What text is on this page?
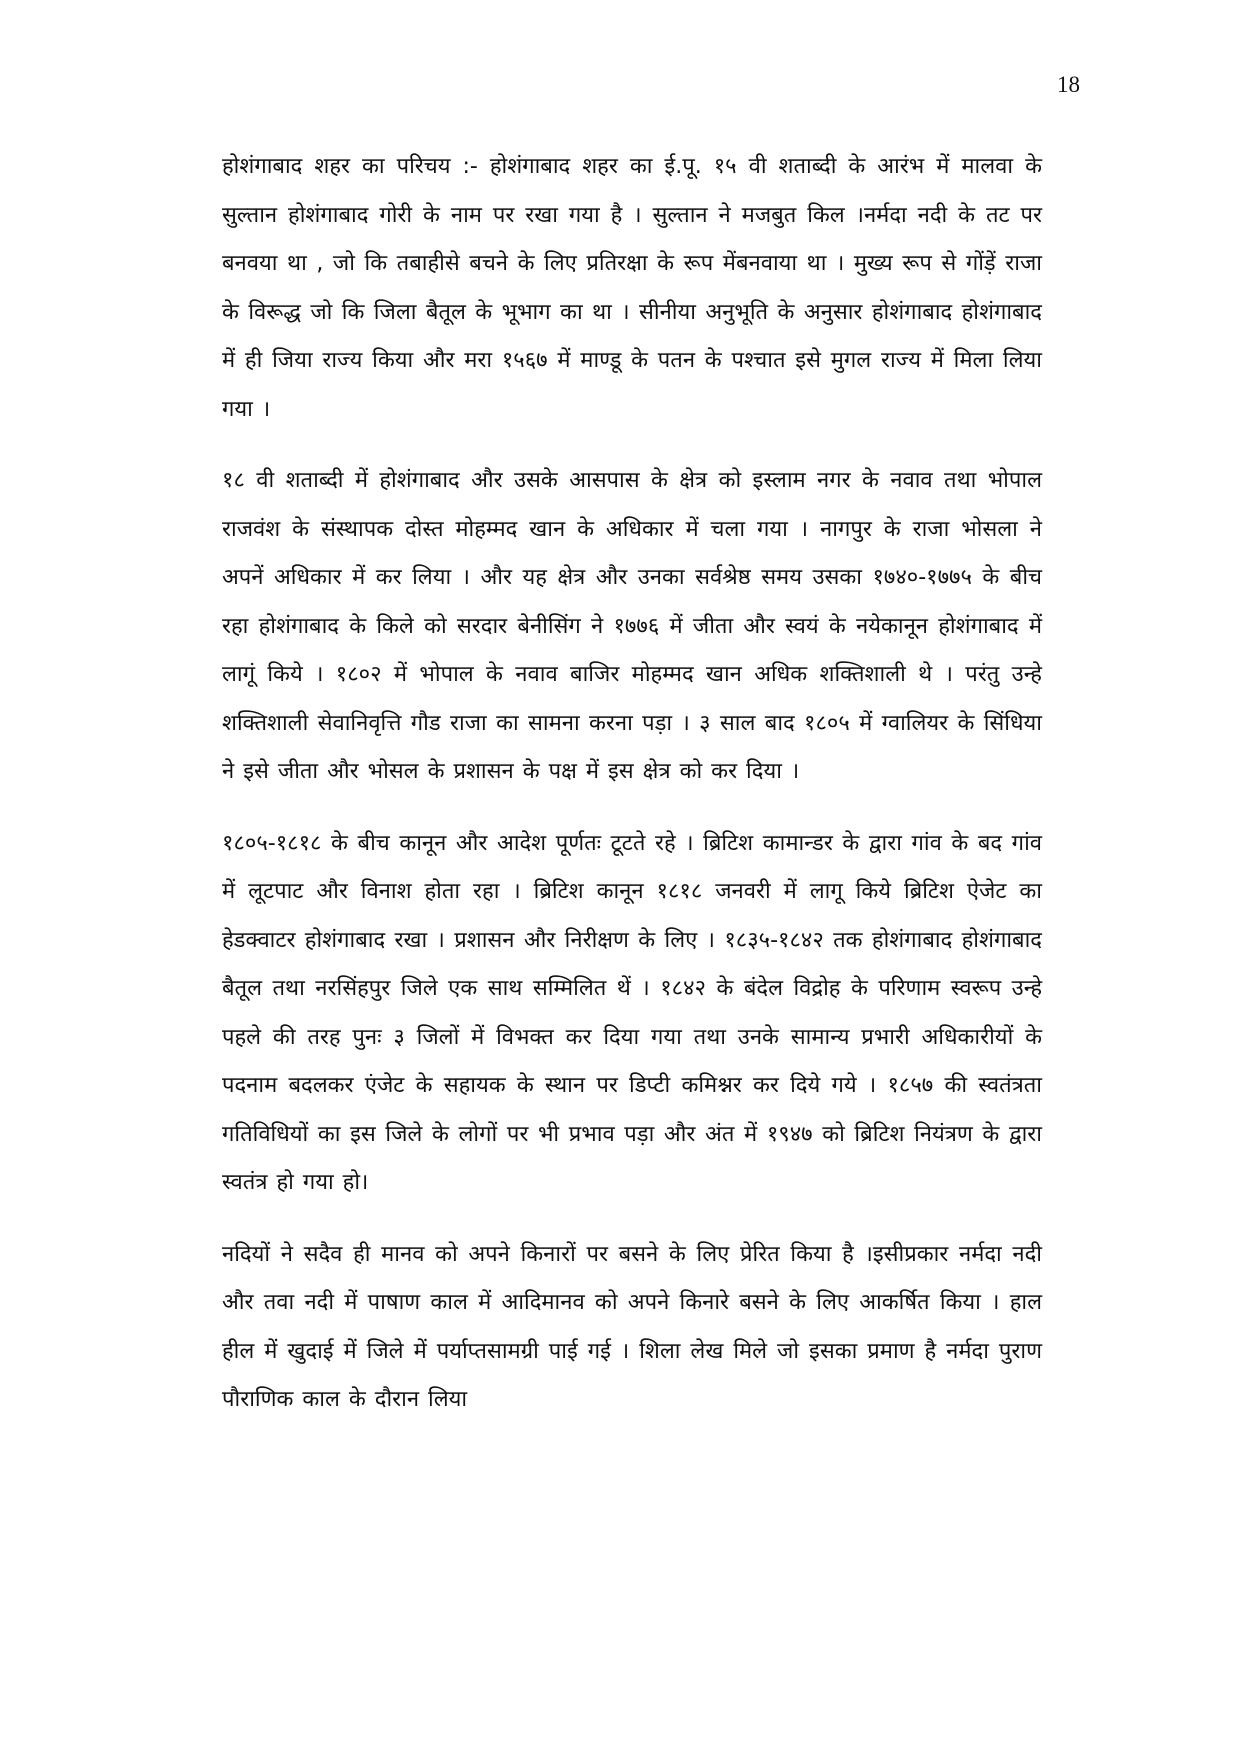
18

होशंगाबाद शहर का परिचय :- होशंगाबाद शहर का ई.पू. १५ वी शताब्दी के आरंभ में मालवा के सुल्तान होशंगाबाद गोरी के नाम पर रखा गया है । सुल्तान ने मजबुत किल ।नर्मदा नदी के तट पर बनवया था , जो कि तबाहीसे बचने के लिए प्रतिरक्षा के रूप मेंबनवाया था । मुख्य रूप से गोंड़ें राजा के विरूद्ध जो कि जिला बैतूल के भूभाग का था । सीनीया अनुभूति के अनुसार होशंगाबाद होशंगाबाद में ही जिया राज्य किया और मरा १५६७ में माण्डू के पतन के पश्चात इसे मुगल राज्य में मिला लिया गया ।

१८ वी शताब्दी में होशंगाबाद और उसके आसपास के क्षेत्र को इस्लाम नगर के नवाव तथा भोपाल राजवंश के संस्थापक दोस्त मोहम्मद खान के अधिकार में चला गया । नागपुर के राजा भोसला ने अपनें अधिकार में कर लिया । और यह क्षेत्र और उनका सर्वश्रेष्ठ समय उसका १७४०-१७७५ के बीच रहा होशंगाबाद के किले को सरदार बेनीसिंग ने १७७६ में जीता और स्वयं के नयेकानून होशंगाबाद में लागूं किये । १८०२ में भोपाल के नवाव बाजिर मोहम्मद खान अधिक शक्तिशाली थे । परंतु उन्हे शक्तिशाली सेवानिवृत्ति गौड राजा का सामना करना पड़ा । ३ साल बाद १८०५ में ग्वालियर के सिंधिया ने इसे जीता और भोसल के प्रशासन के पक्ष में इस क्षेत्र को कर दिया ।

१८०५-१८१८ के बीच कानून और आदेश पूर्णतः टूटते रहे । ब्रिटिश कामान्डर के द्वारा गांव के बद गांव में लूटपाट और विनाश होता रहा । ब्रिटिश कानून १८१८ जनवरी में लागू किये ब्रिटिश ऐजेट का हेडक्वाटर होशंगाबाद रखा । प्रशासन और निरीक्षण के लिए । १८३५-१८४२ तक होशंगाबाद होशंगाबाद बैतूल तथा नरसिंहपुर जिले एक साथ सम्मिलित थें । १८४२ के बंदेल विद्रोह के परिणाम स्वरूप उन्हे पहले की तरह पुनः ३ जिलों में विभक्त कर दिया गया तथा उनके सामान्य प्रभारी अधिकारीयों के पदनाम बदलकर एंजेट के सहायक के स्थान पर डिप्टी कमिश्नर कर दिये गये । १८५७ की स्वतंत्रता गतिविधियों का इस जिले के लोगों पर भी प्रभाव पड़ा और अंत में १९४७ को ब्रिटिश नियंत्रण के द्वारा स्वतंत्र हो गया हो।

नदियों ने सदैव ही मानव को अपने किनारों पर बसने के लिए प्रेरित किया है ।इसीप्रकार नर्मदा नदी और तवा नदी में पाषाण काल में आदिमानव को अपने किनारे बसने के लिए आकर्षित किया । हाल हील में खुदाई में जिले में पर्याप्तसामग्री पाई गई । शिला लेख मिले जो इसका प्रमाण है नर्मदा पुराण पौराणिक काल के दौरान लिया
